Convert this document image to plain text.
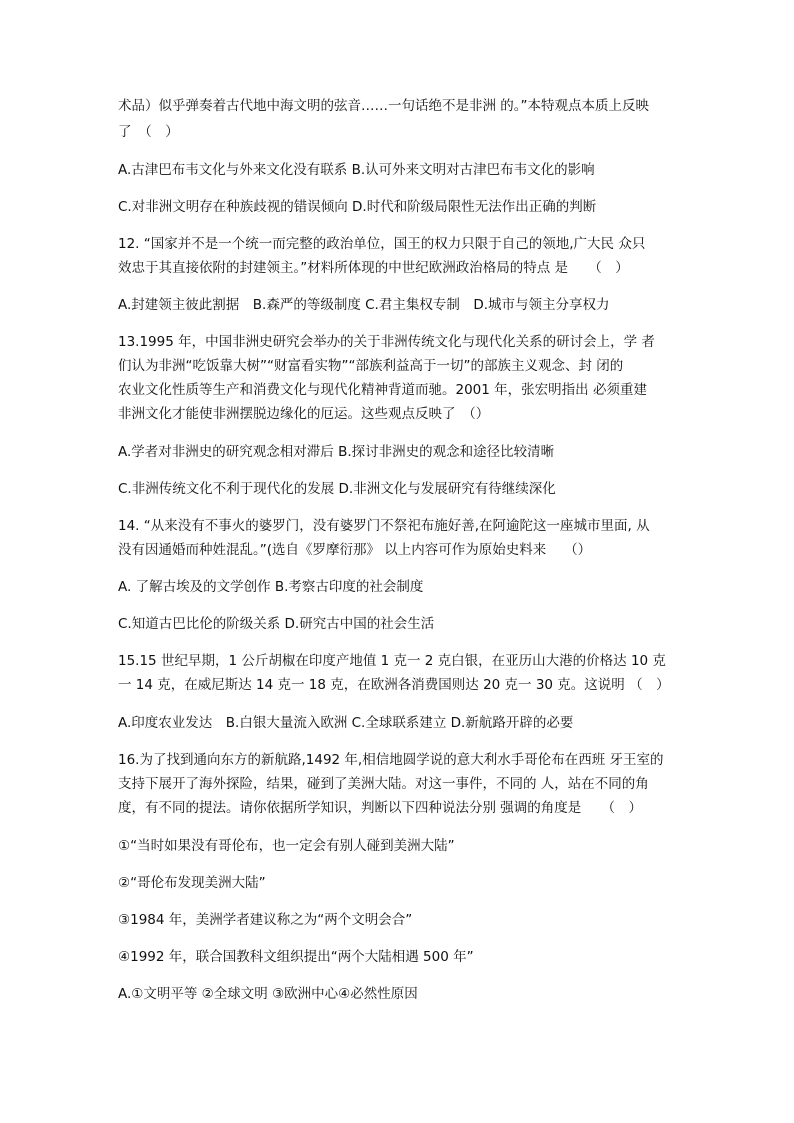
术品）似乎弹奏着古代地中海文明的弦音……一句话绝不是非洲 的。”本特观点本质上反映
了　（　）
A.古津巴布韦文化与外来文化没有联系 B.认可外来文明对古津巴布韦文化的影响
C.对非洲文明存在种族歧视的错误倾向 D.时代和阶级局限性无法作出正确的判断
12. “国家并不是一个统一而完整的政治单位，国王的权力只限于自己的领地,广大民 众只
效忠于其直接依附的封建领主。”材料所体现的中世纪欧洲政治格局的特点 是　　（　）
A.封建领主彼此割据　B.森严的等级制度 C.君主集权专制　D.城市与领主分享权力
13.1995 年，中国非洲史研究会举办的关于非洲传统文化与现代化关系的研讨会上，学 者
们认为非洲“吃饭靠大树”“财富看实物”“部族利益高于一切”的部族主义观念、封 闭的
农业文化性质等生产和消费文化与现代化精神背道而驰。2001 年，张宏明指出 必须重建
非洲文化才能使非洲摆脱边缘化的厄运。这些观点反映了　（）
A.学者对非洲史的研究观念相对滞后 B.探讨非洲史的观念和途径比较清晰
C.非洲传统文化不利于现代化的发展 D.非洲文化与发展研究有待继续深化
14. “从来没有不事火的婆罗门，没有婆罗门不祭祀布施好善,在阿逾陀这一座城市里面, 从
没有因通婚而种姓混乱。”(选自《罗摩衍那》 以上内容可作为原始史料来　 （）
A. 了解古埃及的文学创作 B.考察古印度的社会制度
C.知道古巴比伦的阶级关系 D.研究古中国的社会生活
15.15 世纪早期，1 公斤胡椒在印度产地值 1 克一 2 克白银，在亚历山大港的价格达 10 克
一 14 克，在威尼斯达 14 克一 18 克，在欧洲各消费国则达 20 克一 30 克。这说明 （　）
A.印度农业发达　B.白银大量流入欧洲 C.全球联系建立 D.新航路开辟的必要
16.为了找到通向东方的新航路,1492 年,相信地圆学说的意大利水手哥伦布在西班 牙王室的
支持下展开了海外探险，结果，碰到了美洲大陆。对这一事件，不同的 人，站在不同的角
度，有不同的提法。请你依据所学知识，判断以下四种说法分别 强调的角度是　　（　）
①“当时如果没有哥伦布，也一定会有别人碰到美洲大陆”
②“哥伦布发现美洲大陆”
③1984 年，美洲学者建议称之为“两个文明会合”
④1992 年，联合国教科文组织提出“两个大陆相遇 500 年”
A.①文明平等 ②全球文明 ③欧洲中心④必然性原因
